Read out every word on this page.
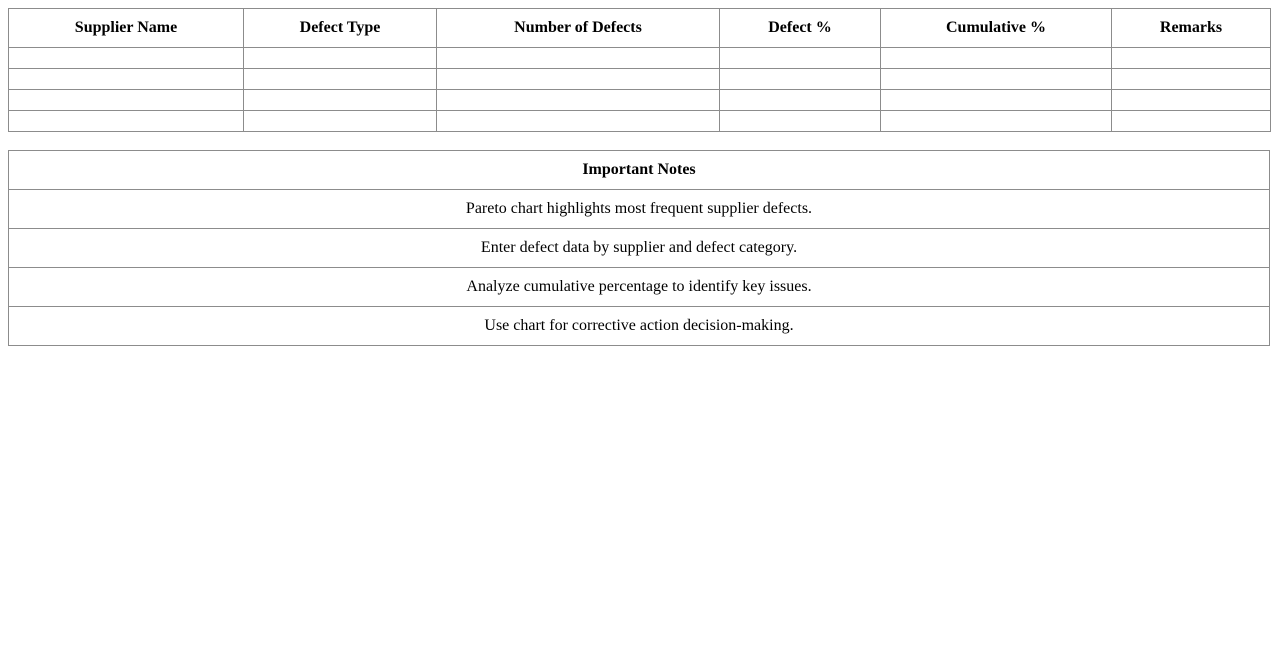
Supplier Name	Defect Type	Number of Defects	Defect %	Cumulative %	Remarks

Important Notes
Pareto chart highlights most frequent supplier defects.
Enter defect data by supplier and defect category.
Analyze cumulative percentage to identify key issues.
Use chart for corrective action decision-making.
